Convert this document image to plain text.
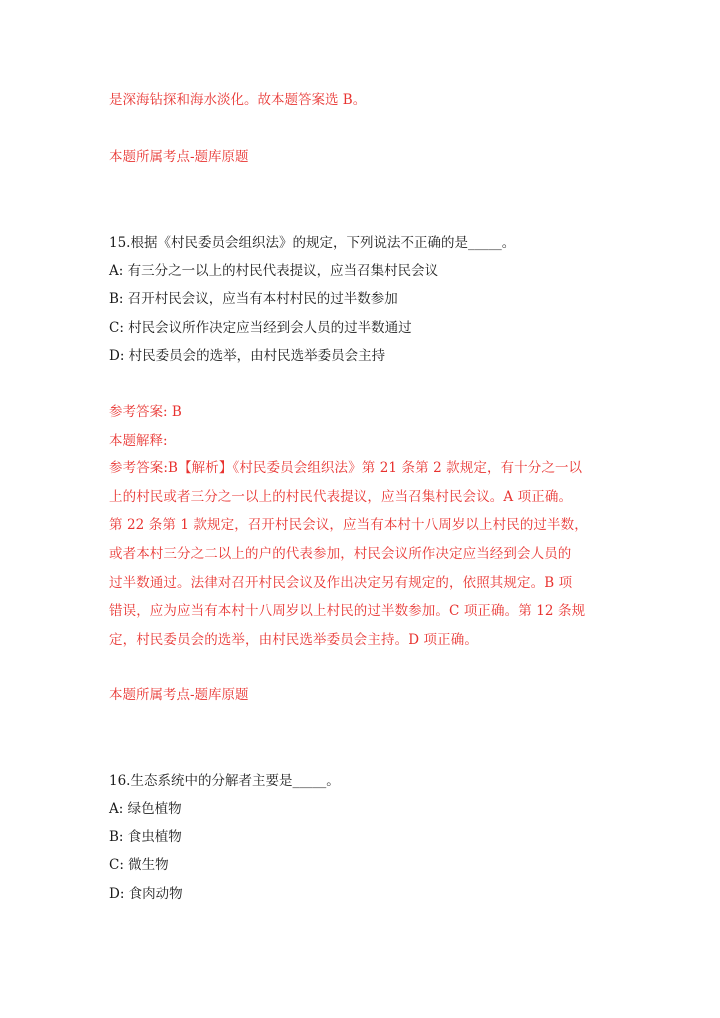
是深海钻探和海水淡化。故本题答案选 B。
本题所属考点-题库原题
15.根据《村民委员会组织法》的规定，下列说法不正确的是_____。
A: 有三分之一以上的村民代表提议，应当召集村民会议
B: 召开村民会议，应当有本村村民的过半数参加
C: 村民会议所作决定应当经到会人员的过半数通过
D: 村民委员会的选举，由村民选举委员会主持
参考答案: B
本题解释:
参考答案:B【解析】《村民委员会组织法》第 21 条第 2 款规定，有十分之一以
上的村民或者三分之一以上的村民代表提议，应当召集村民会议。A 项正确。
第 22 条第 1 款规定，召开村民会议，应当有本村十八周岁以上村民的过半数，
或者本村三分之二以上的户的代表参加，村民会议所作决定应当经到会人员的
过半数通过。法律对召开村民会议及作出决定另有规定的，依照其规定。B 项
错误，应为应当有本村十八周岁以上村民的过半数参加。C 项正确。第 12 条规
定，村民委员会的选举，由村民选举委员会主持。D 项正确。
本题所属考点-题库原题
16.生态系统中的分解者主要是_____。
A: 绿色植物
B: 食虫植物
C: 微生物
D: 食肉动物
